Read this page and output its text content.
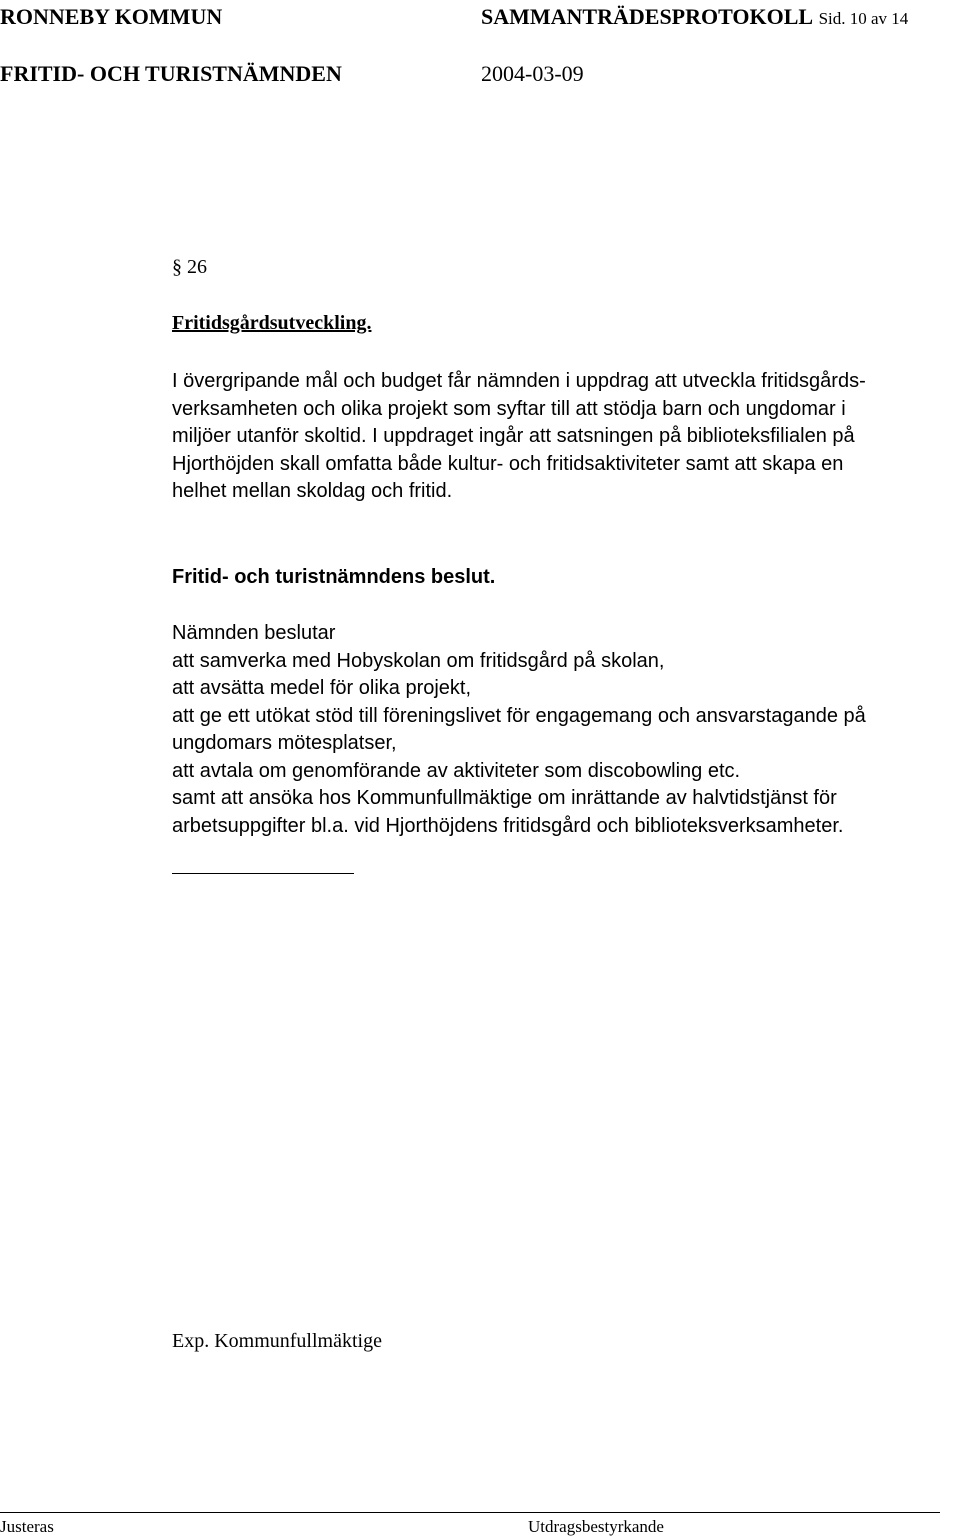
RONNEBY KOMMUN	SAMMANTRÄDESPROTOKOLL Sid. 10 av 14
FRITID- OCH TURISTNÄMNDEN	2004-03-09
§ 26
Fritidsgårdsutveckling.
I övergripande mål och budget får nämnden i uppdrag att utveckla fritidsgårds-
verksamheten och olika projekt som syftar till att stödja barn och ungdomar i
miljöer utanför skoltid. I uppdraget ingår att satsningen på biblioteksfilialen på
Hjorthöjden skall omfatta både kultur- och fritidsaktiviteter samt att skapa en
helhet mellan skoldag och fritid.
Fritid- och turistnämndens beslut.
Nämnden beslutar
att samverka med Hobyskolan om fritidsgård på skolan,
att avsätta medel för olika projekt,
att ge ett utökat stöd till föreningslivet för engagemang och ansvarstagande på
ungdomars mötesplatser,
att avtala om genomförande av aktiviteter som discobowling etc.
samt att ansöka hos Kommunfullmäktige om inrättande av halvtidstjänst för
arbetsuppgifter bl.a. vid Hjorthöjdens fritidsgård och biblioteksverksamheter.
Exp. Kommunfullmäktige
Justeras	Utdragsbestyrkande
